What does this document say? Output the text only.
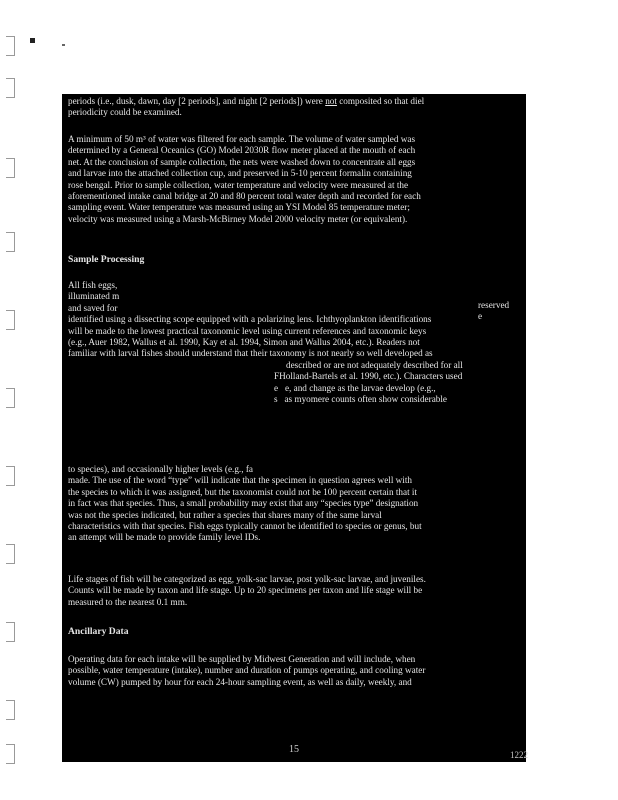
periods (i.e., dusk, dawn, day [2 periods], and night [2 periods]) were not composited so that diel
periodicity could be examined.
A minimum of 50 m³ of water was filtered for each sample. The volume of water sampled was
determined by a General Oceanics (GO) Model 2030R flow meter placed at the mouth of each
net. At the conclusion of sample collection, the nets were washed down to concentrate all eggs
and larvae into the attached collection cup, and preserved in 5-10 percent formalin containing
rose bengal. Prior to sample collection, water temperature and velocity were measured at the
aforementioned intake canal bridge at 20 and 80 percent total water depth and recorded for each
sampling event. Water temperature was measured using an YSI Model 85 temperature meter;
velocity was measured using a Marsh-McBirney Model 2000 velocity meter (or equivalent).
Sample Processing
All fish eggs,
illuminated m
and saved for
identified using a dissecting scope equipped with a polarizing lens. Ichthyoplankton identifications
will be made to the lowest practical taxonomic level using current references and taxonomic keys
(e.g., Auer 1982, Wallus et al. 1990, Kay et al. 1994, Simon and Wallus 2004, etc.). Readers not
familiar with larval fishes should understand that their taxonomy is not nearly so well developed as
reserved
e
described or are not adequately described for all
FHolland-Bartels et al. 1990, etc.). Characters used
e e, and change as the larvae develop (e.g.,
s as myomere counts often show considerable
to species), and occasionally higher levels (e.g., fa
made. The use of the word “type” will indicate that the specimen in question agrees well with
the species to which it was assigned, but the taxonomist could not be 100 percent certain that it
in fact was that species. Thus, a small probability may exist that any “species type” designation
was not the species indicated, but rather a species that shares many of the same larval
characteristics with that species. Fish eggs typically cannot be identified to species or genus, but
an attempt will be made to provide family level IDs.
Life stages of fish will be categorized as egg, yolk-sac larvae, post yolk-sac larvae, and juveniles.
Counts will be made by taxon and life stage. Up to 20 specimens per taxon and life stage will be
measured to the nearest 0.1 mm.
Ancillary Data
Operating data for each intake will be supplied by Midwest Generation and will include, when
possible, water temperature (intake), number and duration of pumps operating, and cooling water
volume (CW) pumped by hour for each 24-hour sampling event, as well as daily, weekly, and
15	1222
